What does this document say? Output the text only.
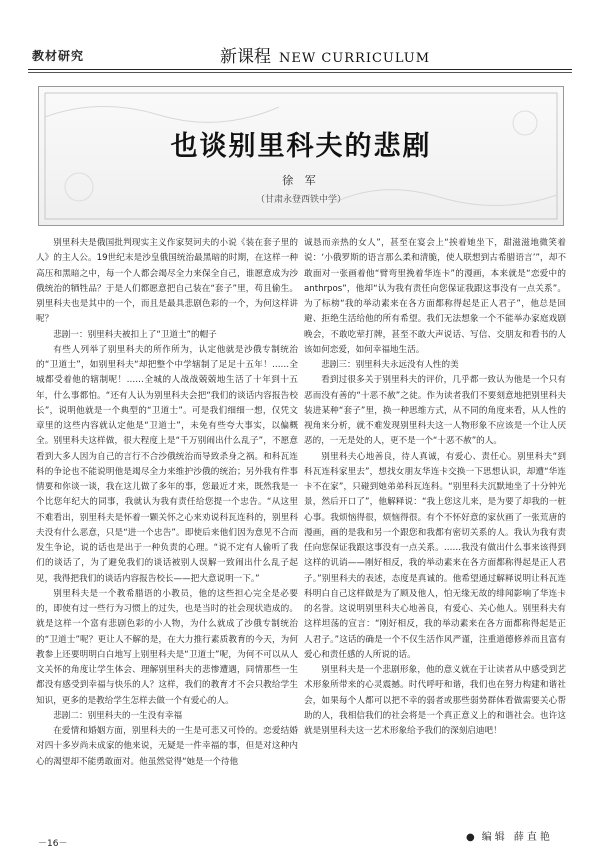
教材研究	新课程 NEW CURRICULUM
也谈别里科夫的悲剧
徐 军
（甘肃永登西铁中学）

别里科夫是俄国批判现实主义作家契诃夫的小说《装在套子里的人》的主人公。19世纪末是沙皇俄国统治最黑暗的时期，在这样一种高压和黑暗之中，每一个人都会竭尽全力来保全自己，谁愿意成为沙俄统治的牺牲品？于是人们都愿意把自己装在“套子”里，苟且偷生。别里科夫也是其中的一个，而且是最具悲剧色彩的一个，为何这样讲呢？

悲剧一：别里科夫被扣上了“卫道士”的帽子

有些人列举了别里科夫的所作所为，认定他就是沙俄专制统治的“卫道士”，如别里科夫“却把整个中学辖制了足足十五年！……全城都受着他的辖制呢！……全城的人战战兢兢地生活了十年到十五年，什么事都怕。“还有人认为别里科夫会把“我们的谈话内容报告校长”，说明他就是一个典型的“卫道士”。可是我们细细一想，仅凭文章里的这些内容就认定他是“卫道士”，未免有些夸大事实，以偏概全。别里科夫这样做，很大程度上是“千万别闹出什么乱子”，不愿意看到大多人因为自己的言行不合沙俄统治而导致杀身之祸。和科瓦连科的争论也不能说明他是竭尽全力来维护沙俄的统治；另外我有件事情要和你谈一谈，我在这儿做了多年的事，您最近才来，既然我是一个比您年纪大的同事，我就认为我有责任给您提一个忠告。“从这里不难看出，别里科夫是怀着一颗关怀之心来劝说科瓦连科的，别里科夫没有什么恶意，只是“进一个忠告”。即使后来他们因为意见不合而发生争论，说的话也是出于一种负责的心理。“说不定有人偷听了我们的谈话了，为了避免我们的谈话被别人误解一致闹出什么乱子起见，我得把我们的谈话内容报告校长——把大意说明一下。”

别里科夫是一个教希腊语的小教员，他的这些担心完全是必要的，即使有过一些行为习惯上的过失，也是当时的社会现状造成的。就是这样一个富有悲剧色彩的小人物，为什么就成了沙俄专制统治的“卫道士”呢？更让人不解的是，在大力推行素质教育的今天，为何教参上还要明明白白地写上别里科夫是“卫道士”呢，为何不可以从人文关怀的角度让学生体会、理解别里科夫的悲惨遭遇，同情那些一生都没有感受到幸福与快乐的人？这样，我们的教育才不会只教给学生知识，更多的是教给学生怎样去做一个有爱心的人。

悲剧二：别里科夫的一生没有幸福

在爱情和婚姻方面，别里科夫的一生是可悲又可怜的。恋爱结婚对四十多岁尚未成家的他来说，无疑是一件幸福的事，但是对这种内心的渴望却不能勇敢面对。他虽然觉得“她是一个待他

诚恳而亲热的女人”，甚至在宴会上“挨着她坐下，甜滋滋地微笑着说：‘小俄罗斯的语言那么柔和清脆，使人联想到古希腊语言’”，却不敢面对一张画着他“臂弯里挽着华连卡”的漫画，本来就是“恋爱中的anthrpos”，他却“认为我有责任向您保证我跟这事没有一点关系”。为了标榜“我的举动素来在各方面都称得起是正人君子”，他总是回避、拒绝生活给他的所有希望。我们无法想象一个不能举办家庭戏剧晚会，不敢吃荤打牌，甚至不敢大声说话、写信、交朋友和看书的人该如何恋爱，如何幸福地生活。

悲剧三：别里科夫永远没有人性的美

看到过很多关于别里科夫的评价，几乎都一致认为他是一个只有恶而没有善的“十恶不赦”之徒。作为读者我们不要刻意地把别里科夫装进某种“套子”里，换一种思维方式，从不同的角度来看，从人性的视角来分析，就不难发现别里科夫这一人物形象不应该是一个让人厌恶的，一无是处的人，更不是一个“十恶不赦”的人。

别里科夫心地善良，待人真诚，有爱心、责任心。别里科夫“到科瓦连科家里去”，想找女朋友华连卡交换一下思想认识，却遭“华连卡不在家”，只碰到她弟弟科瓦连科。“别里科夫沉默地坐了十分钟光景，然后开口了”，他解释说：“我上您这儿来，是为要了却我的一桩心事。我烦恼得很，烦恼得很。有个不怀好意的家伙画了一张荒唐的漫画，画的是我和另一个跟您和我都有密切关系的人。我认为我有责任向您保证我跟这事没有一点关系。……我没有做出什么事来该得到这样的讥诮——刚好相反，我的举动素来在各方面都称得起是正人君子。”别里科夫的表述，态度是真诚的。他希望通过解释说明让科瓦连科明白自己这样做是为了顾及他人，怕无缘无故的绯闻影响了华连卡的名誉。这说明别里科夫心地善良，有爱心、关心他人。别里科夫有这样坦荡的宣言：“刚好相反，我的举动素来在各方面都称得起是正人君子。”这话的确是一个不仅生活作风严谨，注重道德修养而且富有爱心和责任感的人所说的话。

别里科夫是一个悲剧形象，他的意义就在于让读者从中感受到艺术形象所带来的心灵震撼。时代呼吁和谐，我们也在努力构建和谐社会，如果每个人都可以把不幸的弱者或那些弱势群体看做需要关心帮助的人，我相信我们的社会将是一个真正意义上的和谐社会。也许这就是别里科夫这一艺术形象给予我们的深刻启迪吧！

● 编辑 薛直艳
－16－
